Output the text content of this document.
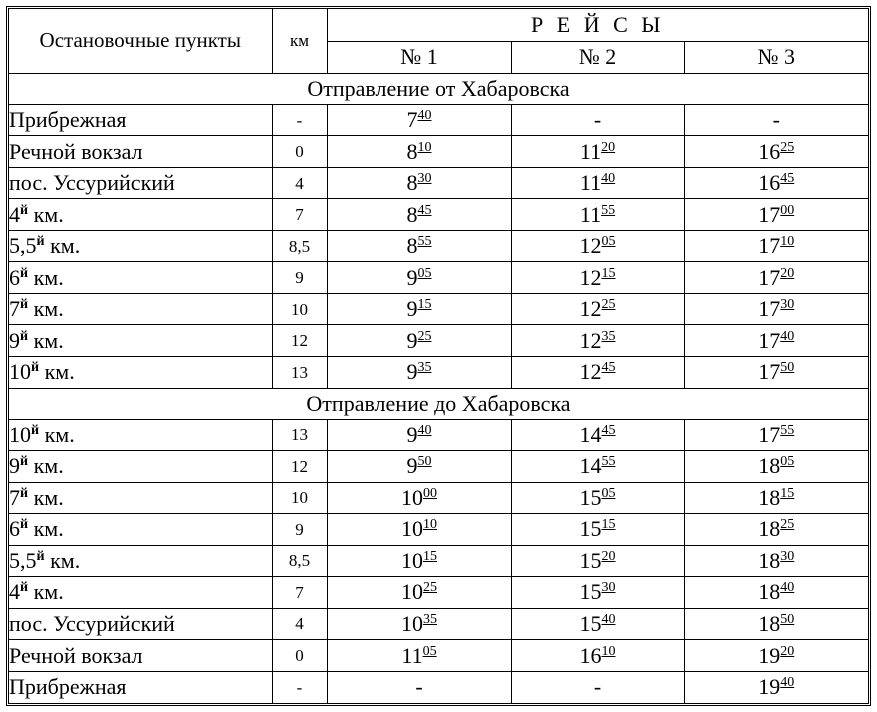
Остановочные пункты	км	Р Е Й С Ы		
		№ 1	№ 2	№ 3
Отправление от Хабаровска				
Прибрежная	-	$7^{40}$	-	-
Речной вокзал	0	$8^{10}$	$11^{20}$	$16^{25}$
пос. Уссурийский	4	$8^{30}$	$11^{40}$	$16^{45}$
$4^й$ км.	7	$8^{45}$	$11^{55}$	$17^{00}$
$5,5^й$ км.	8,5	$8^{55}$	$12^{05}$	$17^{10}$
$6^й$ км.	9	$9^{05}$	$12^{15}$	$17^{20}$
$7^й$ км.	10	$9^{15}$	$12^{25}$	$17^{30}$
$9^й$ км.	12	$9^{25}$	$12^{35}$	$17^{40}$
$10^й$ км.	13	$9^{35}$	$12^{45}$	$17^{50}$
Отправление до Хабаровска				
$10^й$ км.	13	$9^{40}$	$14^{45}$	$17^{55}$
$9^й$ км.	12	$9^{50}$	$14^{55}$	$18^{05}$
$7^й$ км.	10	$10^{00}$	$15^{05}$	$18^{15}$
$6^й$ км.	9	$10^{10}$	$15^{15}$	$18^{25}$
$5,5^й$ км.	8,5	$10^{15}$	$15^{20}$	$18^{30}$
$4^й$ км.	7	$10^{25}$	$15^{30}$	$18^{40}$
пос. Уссурийский	4	$10^{35}$	$15^{40}$	$18^{50}$
Речной вокзал	0	$11^{05}$	$16^{10}$	$19^{20}$
Прибрежная	-	-	-	$19^{40}$
